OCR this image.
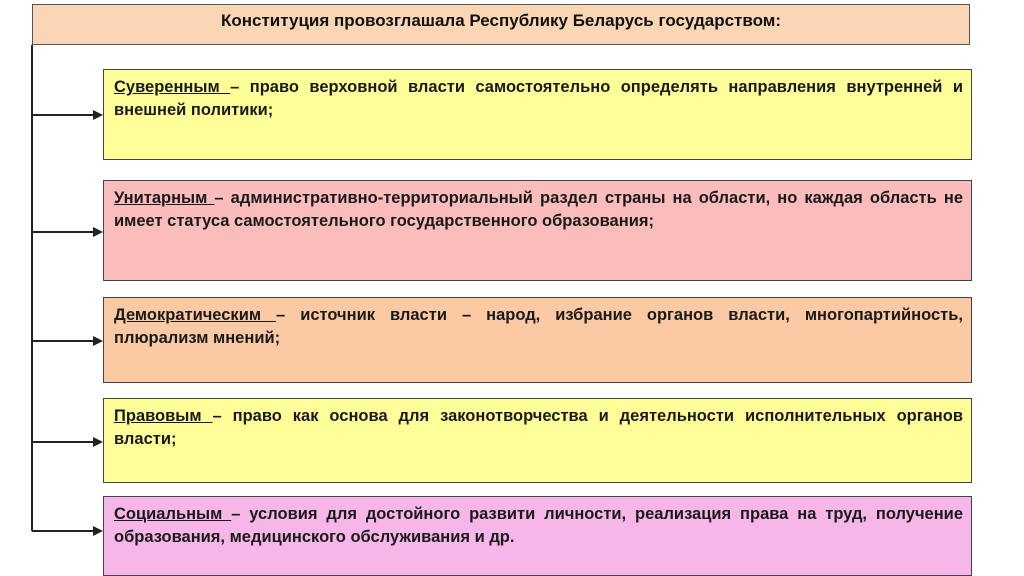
Конституция провозглашала Республику Беларусь государством:
Суверенным – право верховной власти самостоятельно определять направления внутренней и внешней политики;
Унитарным – административно-территориальный раздел страны на области, но каждая область не имеет статуса самостоятельного государственного образования;
Демократическим – источник власти – народ, избрание органов власти, многопартийность, плюрализм мнений;
Правовым – право как основа для законотворчества и деятельности исполнительных органов власти;
Социальным – условия для достойного развити личности, реализация права на труд, получение образования, медицинского обслуживания и др.
